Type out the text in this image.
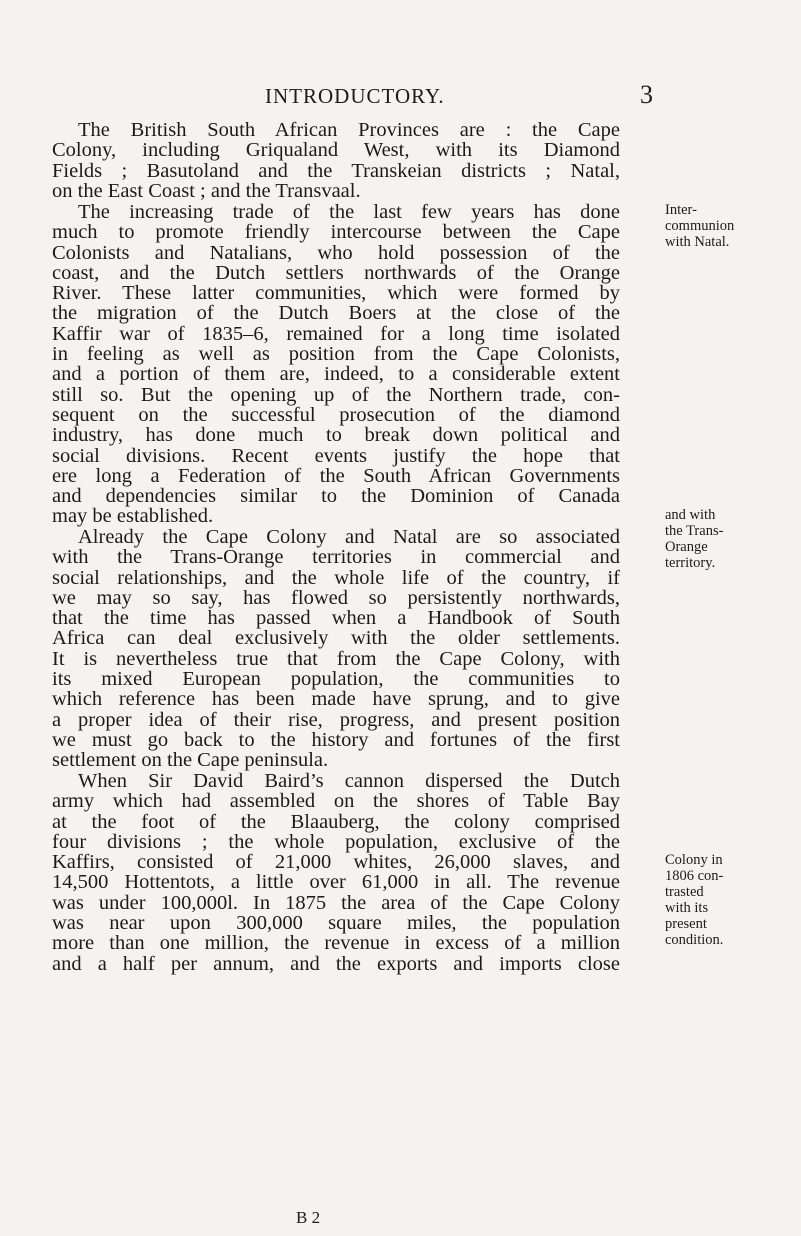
INTRODUCTORY.	3
The British South African Provinces are : the Cape
Colony, including Griqualand West, with its Diamond
Fields ; Basutoland and the Transkeian districts ; Natal,
on the East Coast ; and the Transvaal.
The increasing trade of the last few years has done
much to promote friendly intercourse between the Cape
Colonists and Natalians, who hold possession of the
coast, and the Dutch settlers northwards of the Orange
River. These latter communities, which were formed by
the migration of the Dutch Boers at the close of the
Kaffir war of 1835–6, remained for a long time isolated
in feeling as well as position from the Cape Colonists,
and a portion of them are, indeed, to a considerable extent
still so. But the opening up of the Northern trade, con-
sequent on the successful prosecution of the diamond
industry, has done much to break down political and
social divisions. Recent events justify the hope that
ere long a Federation of the South African Governments
and dependencies similar to the Dominion of Canada
may be established.
Already the Cape Colony and Natal are so associated
with the Trans-Orange territories in commercial and
social relationships, and the whole life of the country, if
we may so say, has flowed so persistently northwards,
that the time has passed when a Handbook of South
Africa can deal exclusively with the older settlements.
It is nevertheless true that from the Cape Colony, with
its mixed European population, the communities to
which reference has been made have sprung, and to give
a proper idea of their rise, progress, and present position
we must go back to the history and fortunes of the first
settlement on the Cape peninsula.
When Sir David Baird’s cannon dispersed the Dutch
army which had assembled on the shores of Table Bay
at the foot of the Blaauberg, the colony comprised
four divisions ; the whole population, exclusive of the
Kaffirs, consisted of 21,000 whites, 26,000 slaves, and
14,500 Hottentots, a little over 61,000 in all. The revenue
was under 100,000l. In 1875 the area of the Cape Colony
was near upon 300,000 square miles, the population
more than one million, the revenue in excess of a million
and a half per annum, and the exports and imports close
Inter-
communion
with Natal.
and with
the Trans-
Orange
territory.
Colony in
1806 con-
trasted
with its
present
condition.
B 2
